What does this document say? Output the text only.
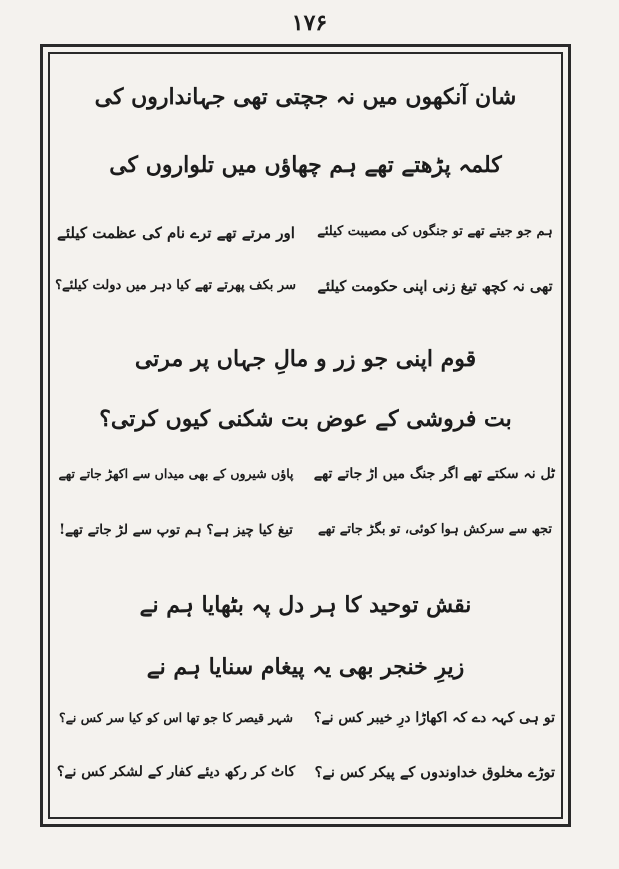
۱۷۶
شان آنکھوں میں نہ جچتی تھی جہانداروں کی
کلمہ پڑھتے تھے ہم چھاؤں میں تلواروں کی
ہم جو جیتے تھے تو جنگوں کی مصیبت کیلئے
اور مرتے تھے ترے نام کی عظمت کیلئے
تھی نہ کچھ تیغ زنی اپنی حکومت کیلئے
سر بکف پھرتے تھے کیا دہر میں دولت کیلئے؟
قوم اپنی جو زر و مالِ جہاں پر مرتی
بت فروشی کے عوض بت شکنی کیوں کرتی؟
ٹل نہ سکتے تھے اگر جنگ میں اڑ جاتے تھے
پاؤں شیروں کے بھی میداں سے اکھڑ جاتے تھے
تجھ سے سرکش ہوا کوئی، تو بگڑ جاتے تھے
تیغ کیا چیز ہے؟ ہم توپ سے لڑ جاتے تھے!
نقش توحید کا ہر دل پہ بٹھایا ہم نے
زیرِ خنجر بھی یہ پیغام سنایا ہم نے
تو ہی کہہ دے کہ اکھاڑا درِ خیبر کس نے؟
شہر قیصر کا جو تھا اس کو کیا سر کس نے؟
توڑے مخلوق خداوندوں کے پیکر کس نے؟
کاٹ کر رکھ دیئے کفار کے لشکر کس نے؟
